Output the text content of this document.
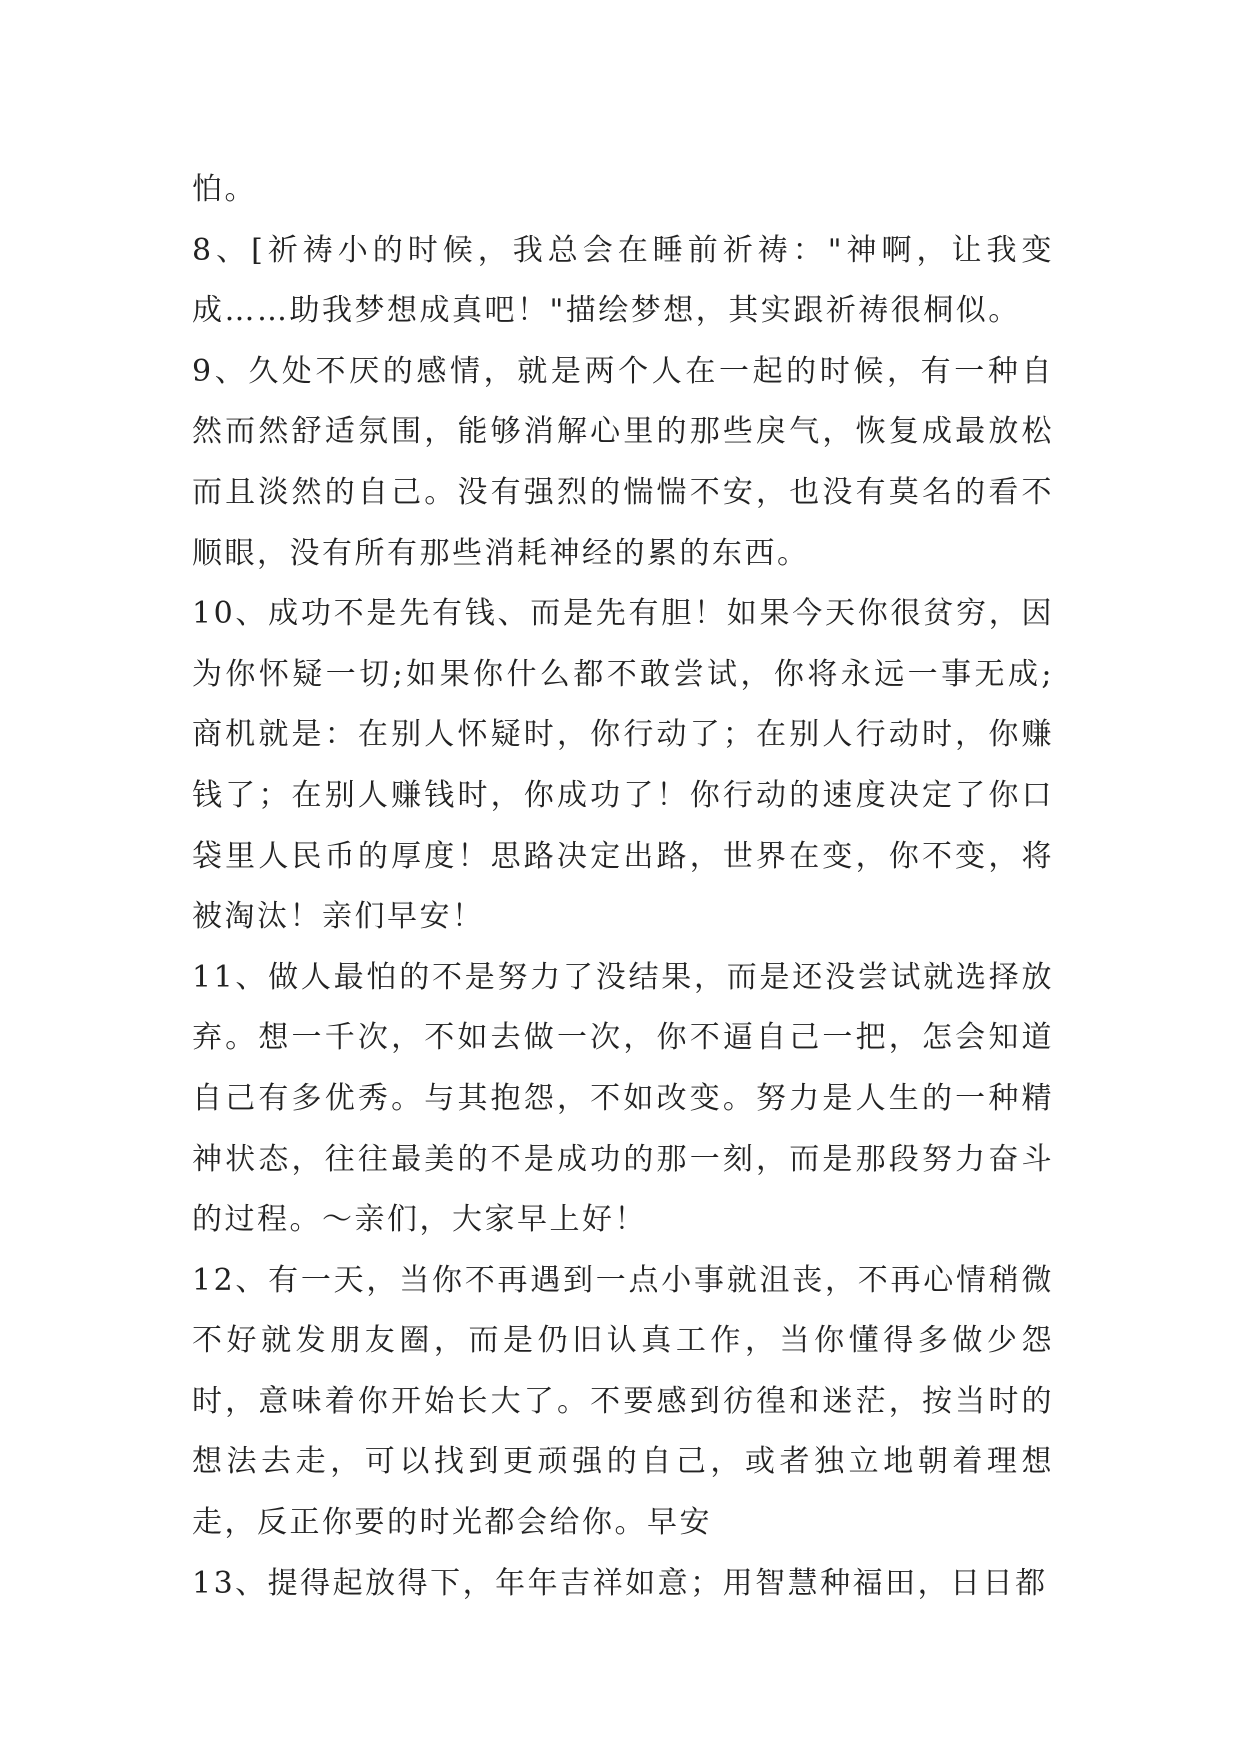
怕。

8、[祈祷小的时候，我总会在睡前祈祷："神啊，让我变成……助我梦想成真吧！"描绘梦想，其实跟祈祷很桐似。

9、久处不厌的感情，就是两个人在一起的时候，有一种自然而然舒适氛围，能够消解心里的那些戾气，恢复成最放松而且淡然的自己。没有强烈的惴惴不安，也没有莫名的看不顺眼，没有所有那些消耗神经的累的东西。

10、成功不是先有钱、而是先有胆！如果今天你很贫穷，因为你怀疑一切;如果你什么都不敢尝试，你将永远一事无成;商机就是：在别人怀疑时，你行动了；在别人行动时，你赚钱了；在别人赚钱时，你成功了！你行动的速度决定了你口袋里人民币的厚度！思路决定出路，世界在变，你不变，将被淘汰！亲们早安！

11、做人最怕的不是努力了没结果，而是还没尝试就选择放弃。想一千次，不如去做一次，你不逼自己一把，怎会知道自己有多优秀。与其抱怨，不如改变。努力是人生的一种精神状态，往往最美的不是成功的那一刻，而是那段努力奋斗的过程。～亲们，大家早上好！

12、有一天，当你不再遇到一点小事就沮丧，不再心情稍微不好就发朋友圈，而是仍旧认真工作，当你懂得多做少怨时，意味着你开始长大了。不要感到彷徨和迷茫，按当时的想法去走，可以找到更顽强的自己，或者独立地朝着理想走，反正你要的时光都会给你。早安

13、提得起放得下，年年吉祥如意；用智慧种福田，日日都
